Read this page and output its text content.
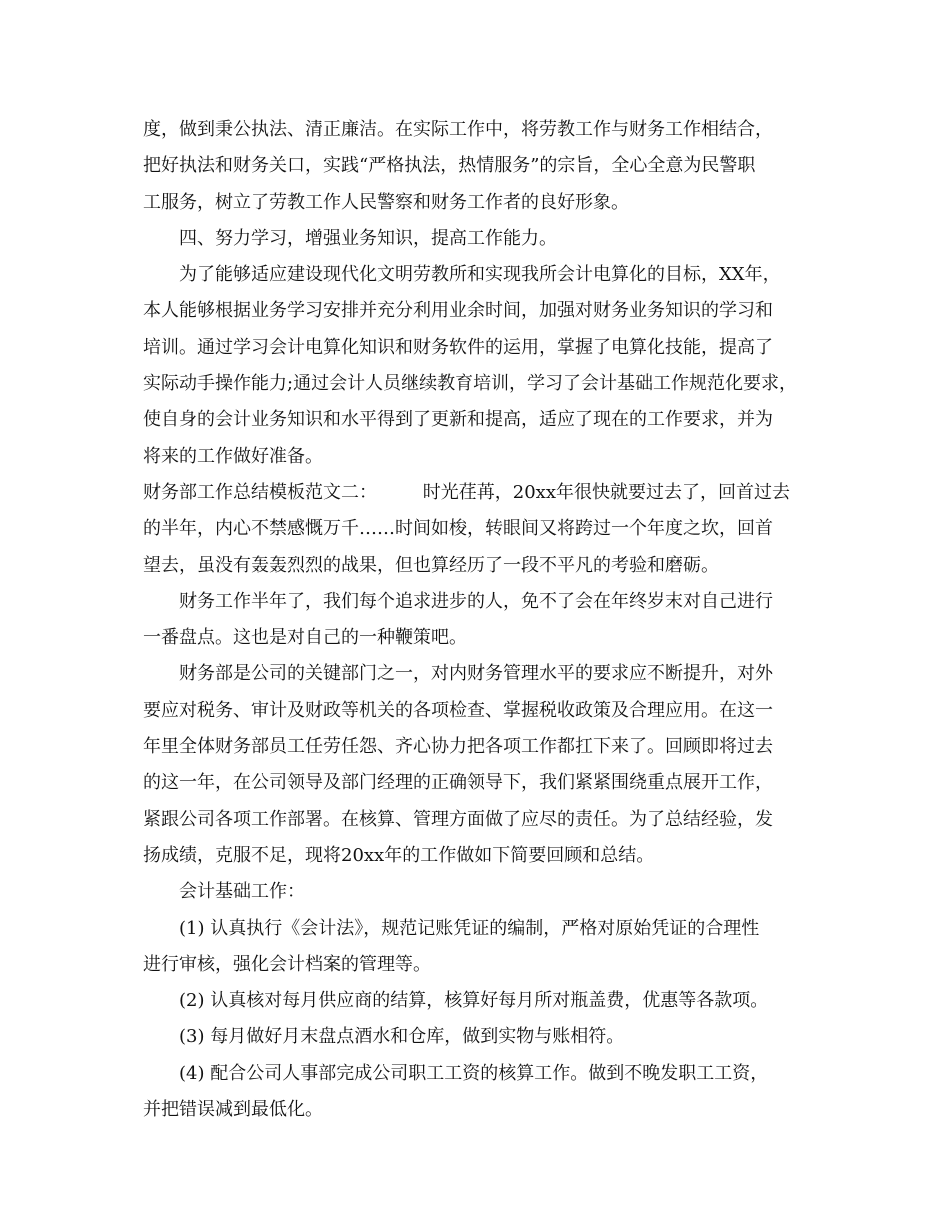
度，做到秉公执法、清正廉洁。在实际工作中，将劳教工作与财务工作相结合，
把好执法和财务关口，实践“严格执法，热情服务”的宗旨，全心全意为民警职
工服务，树立了劳教工作人民警察和财务工作者的良好形象。
四、努力学习，增强业务知识，提高工作能力。
为了能够适应建设现代化文明劳教所和实现我所会计电算化的目标，XX年，
本人能够根据业务学习安排并充分利用业余时间，加强对财务业务知识的学习和
培训。通过学习会计电算化知识和财务软件的运用，掌握了电算化技能，提高了
实际动手操作能力;通过会计人员继续教育培训，学习了会计基础工作规范化要求，
使自身的会计业务知识和水平得到了更新和提高，适应了现在的工作要求，并为
将来的工作做好准备。
财务部工作总结模板范文二：        时光荏苒，20xx年很快就要过去了，回首过去
的半年，内心不禁感慨万千……时间如梭，转眼间又将跨过一个年度之坎，回首
望去，虽没有轰轰烈烈的战果，但也算经历了一段不平凡的考验和磨砺。
财务工作半年了，我们每个追求进步的人，免不了会在年终岁末对自己进行
一番盘点。这也是对自己的一种鞭策吧。
财务部是公司的关键部门之一，对内财务管理水平的要求应不断提升，对外
要应对税务、审计及财政等机关的各项检查、掌握税收政策及合理应用。在这一
年里全体财务部员工任劳任怨、齐心协力把各项工作都扛下来了。回顾即将过去
的这一年，在公司领导及部门经理的正确领导下，我们紧紧围绕重点展开工作，
紧跟公司各项工作部署。在核算、管理方面做了应尽的责任。为了总结经验，发
扬成绩，克服不足，现将20xx年的工作做如下简要回顾和总结。
会计基础工作：
(1) 认真执行《会计法》，规范记账凭证的编制，严格对原始凭证的合理性
进行审核，强化会计档案的管理等。
(2) 认真核对每月供应商的结算，核算好每月所对瓶盖费，优惠等各款项。
(3) 每月做好月末盘点酒水和仓库，做到实物与账相符。
(4) 配合公司人事部完成公司职工工资的核算工作。做到不晚发职工工资，
并把错误减到最低化。
